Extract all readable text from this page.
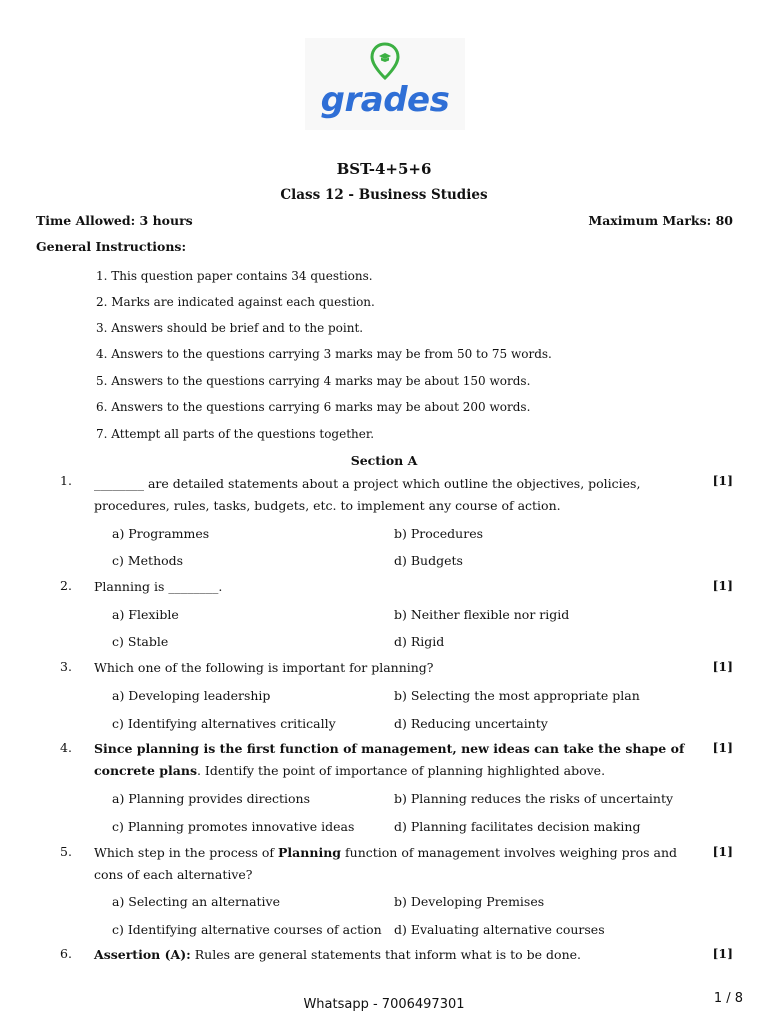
grades
BST-4+5+6
Class 12 - Business Studies
Time Allowed: 3 hours	Maximum Marks: 80
General Instructions:
1. This question paper contains 34 questions.
2. Marks are indicated against each question.
3. Answers should be brief and to the point.
4. Answers to the questions carrying 3 marks may be from 50 to 75 words.
5. Answers to the questions carrying 4 marks may be about 150 words.
6. Answers to the questions carrying 6 marks may be about 200 words.
7. Attempt all parts of the questions together.
Section A
1. ________ are detailed statements about a project which outline the objectives, policies, procedures, rules, tasks, budgets, etc. to implement any course of action.
[1]
a) Programmes	b) Procedures
c) Methods	d) Budgets
2. Planning is ________.	[1]
a) Flexible	b) Neither flexible nor rigid
c) Stable	d) Rigid
3. Which one of the following is important for planning?	[1]
a) Developing leadership	b) Selecting the most appropriate plan
c) Identifying alternatives critically	d) Reducing uncertainty
4. Since planning is the first function of management, new ideas can take the shape of concrete plans. Identify the point of importance of planning highlighted above.
[1]
a) Planning provides directions	b) Planning reduces the risks of uncertainty
c) Planning promotes innovative ideas	d) Planning facilitates decision making
5. Which step in the process of Planning function of management involves weighing pros and cons of each alternative?
[1]
a) Selecting an alternative	b) Developing Premises
c) Identifying alternative courses of action d) Evaluating alternative courses
6. Assertion (A): Rules are general statements that inform what is to be done.	[1]
Whatsapp - 7006497301	1 / 8
